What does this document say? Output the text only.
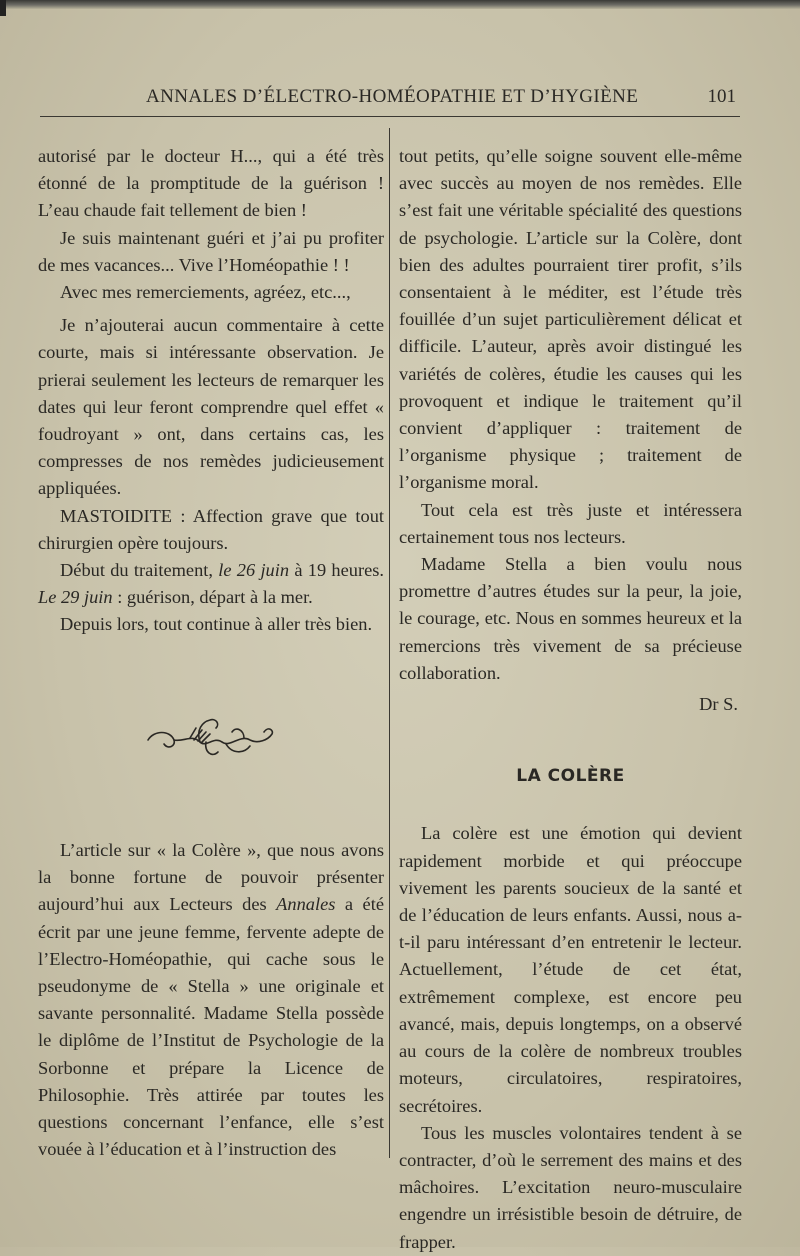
ANNALES D’ÉLECTRO-HOMÉOPATHIE ET D’HYGIÈNE	101

autorisé par le docteur H..., qui a été très étonné de la promptitude de la guérison ! L’eau chaude fait tellement de bien !

Je suis maintenant guéri et j’ai pu profiter de mes vacances... Vive l’Homéopathie ! !

Avec mes remerciements, agréez, etc...,

Je n’ajouterai aucun commentaire à cette courte, mais si intéressante observation. Je prierai seulement les lecteurs de remarquer les dates qui leur feront comprendre quel effet « foudroyant » ont, dans certains cas, les compresses de nos remèdes judicieusement appliquées.

MASTOIDITE : Affection grave que tout chirurgien opère toujours.

Début du traitement, le 26 juin à 19 heures. Le 29 juin : guérison, départ à la mer.

Depuis lors, tout continue à aller très bien.

L’article sur « la Colère », que nous avons la bonne fortune de pouvoir présenter aujourd’hui aux Lecteurs des Annales a été écrit par une jeune femme, fervente adepte de l’Electro-Homéopathie, qui cache sous le pseudonyme de « Stella » une originale et savante personnalité. Madame Stella possède le diplôme de l’Institut de Psychologie de la Sorbonne et prépare la Licence de Philosophie. Très attirée par toutes les questions concernant l’enfance, elle s’est vouée à l’éducation et à l’instruction des

tout petits, qu’elle soigne souvent elle-même avec succès au moyen de nos remèdes. Elle s’est fait une véritable spécialité des questions de psychologie. L’article sur la Colère, dont bien des adultes pourraient tirer profit, s’ils consentaient à le méditer, est l’étude très fouillée d’un sujet particulièrement délicat et difficile. L’auteur, après avoir distingué les variétés de colères, étudie les causes qui les provoquent et indique le traitement qu’il convient d’appliquer : traitement de l’organisme physique ; traitement de l’organisme moral.

Tout cela est très juste et intéressera certainement tous nos lecteurs.

Madame Stella a bien voulu nous promettre d’autres études sur la peur, la joie, le courage, etc. Nous en sommes heureux et la remercions très vivement de sa précieuse collaboration.

Dr S.

LA COLÈRE

La colère est une émotion qui devient rapidement morbide et qui préoccupe vivement les parents soucieux de la santé et de l’éducation de leurs enfants. Aussi, nous a-t-il paru intéressant d’en entretenir le lecteur. Actuellement, l’étude de cet état, extrêmement complexe, est encore peu avancé, mais, depuis longtemps, on a observé au cours de la colère de nombreux troubles moteurs, circulatoires, respiratoires, secrétoires.

Tous les muscles volontaires tendent à se contracter, d’où le serrement des mains et des mâchoires. L’excitation neuro-musculaire engendre un irrésistible besoin de détruire, de frapper.
